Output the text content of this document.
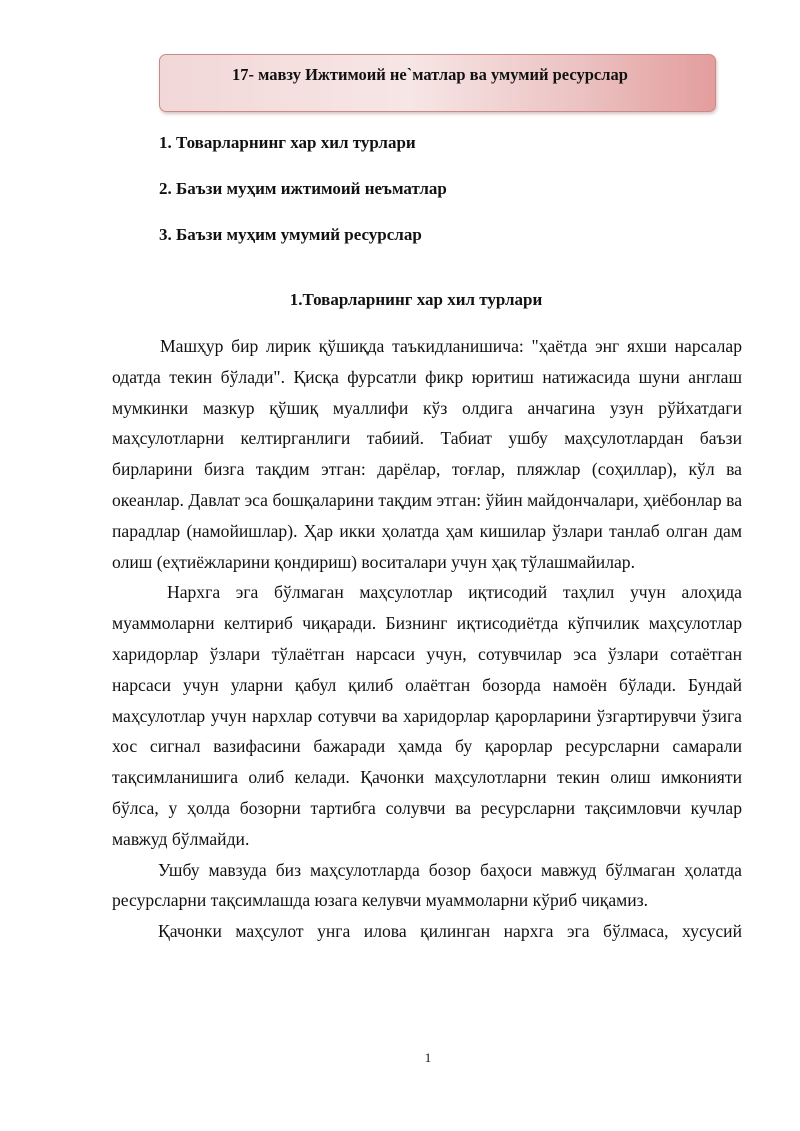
17- мавзу Ижтимоий не`матлар ва умумий ресурслар
1. Товарларнинг хар хил турлари
2. Баъзи муҳим ижтимоий неъматлар
3. Баъзи муҳим умумий ресурслар
1.Товарларнинг хар хил турлари

Машҳур бир лирик қўшиқда таъкидланишича: "ҳаётда энг яхши нарсалар одатда текин бўлади". Қисқа фурсатли фикр юритиш натижасида шуни англаш мумкинки мазкур қўшиқ муаллифи кўз олдига анчагина узун рўйхатдаги маҳсулотларни келтирганлиги табиий. Табиат ушбу маҳсулотлардан баъзи бирларини бизга тақдим этган: дарёлар, тоғлар, пляжлар (соҳиллар), кўл ва океанлар. Давлат эса бошқаларини тақдим этган: ўйин майдончалари, ҳиёбонлар ва парадлар (намойишлар). Ҳар икки ҳолатда ҳам кишилар ўзлари танлаб олган дам олиш (еҳтиёжларини қондириш) воситалари учун ҳақ тўлашмайилар.

Нархга эга бўлмаган маҳсулотлар иқтисодий таҳлил учун алоҳида муаммоларни келтириб чиқаради. Бизнинг иқтисодиётда кўпчилик маҳсулотлар харидорлар ўзлари тўлаётган нарсаси учун, сотувчилар эса ўзлари сотаётган нарсаси учун уларни қабул қилиб олаётган бозорда намоён бўлади. Бундай маҳсулотлар учун нархлар сотувчи ва харидорлар қарорларини ўзгартирувчи ўзига хос сигнал вазифасини бажаради ҳамда бу қарорлар ресурсларни самарали тақсимланишига олиб келади. Қачонки маҳсулотларни текин олиш имконияти бўлса, у ҳолда бозорни тартибга солувчи ва ресурсларни тақсимловчи кучлар мавжуд бўлмайди.

Ушбу мавзуда биз маҳсулотларда бозор баҳоси мавжуд бўлмаган ҳолатда ресурсларни тақсимлашда юзага келувчи муаммоларни кўриб чиқамиз.

Қачонки маҳсулот унга илова қилинган нархга эга бўлмаса, хусусий

1
